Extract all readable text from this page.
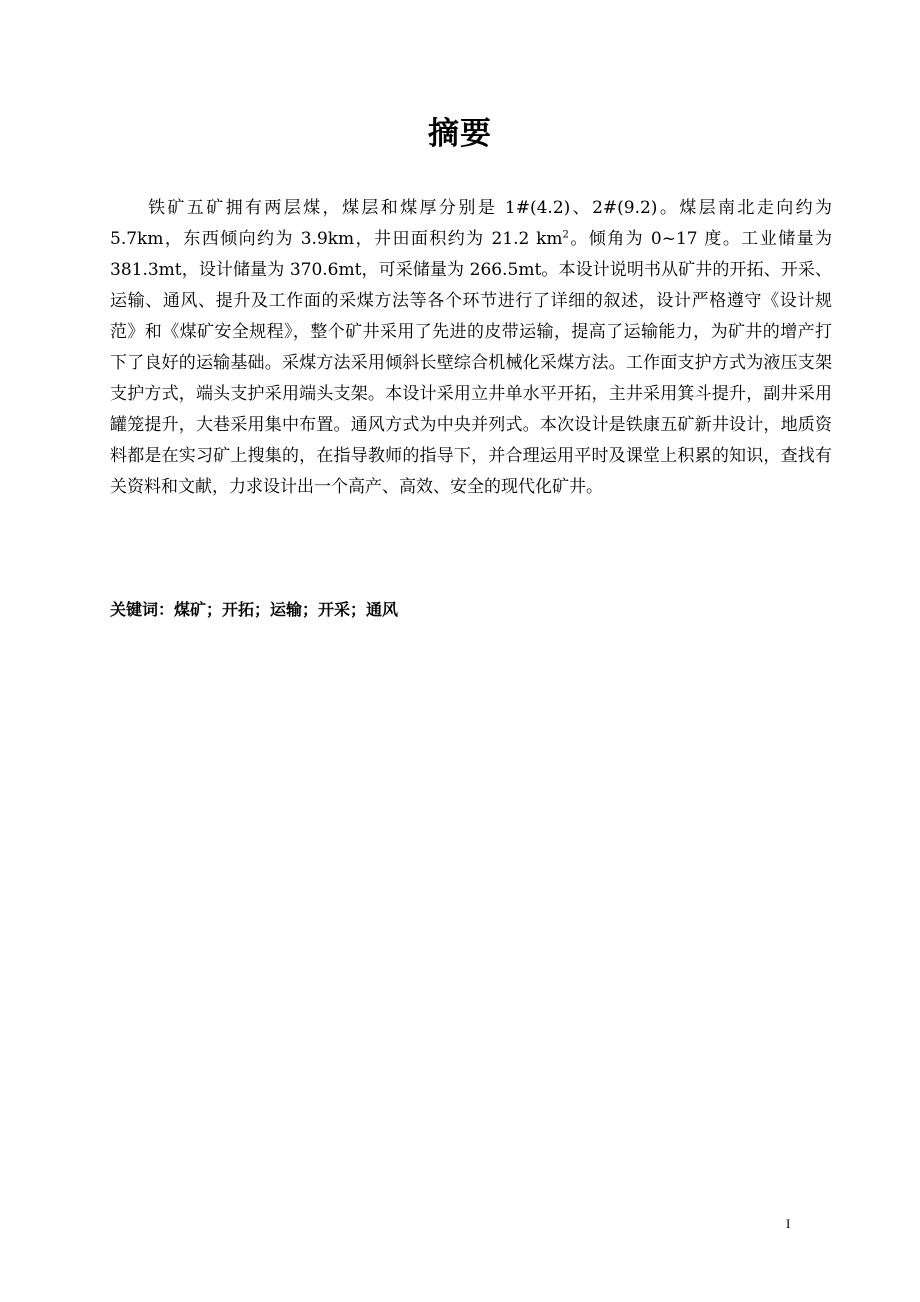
摘要

铁矿五矿拥有两层煤，煤层和煤厚分别是 1#(4.2)、2#(9.2)。煤层南北走向约为 5.7km，东西倾向约为 3.9km，井田面积约为 21.2 $km^2$。倾角为 0~17 度。工业储量为 381.3mt，设计储量为 370.6mt，可采储量为 266.5mt。本设计说明书从矿井的开拓、开采、运输、通风、提升及工作面的采煤方法等各个环节进行了详细的叙述，设计严格遵守《设计规范》和《煤矿安全规程》，整个矿井采用了先进的皮带运输，提高了运输能力，为矿井的增产打下了良好的运输基础。采煤方法采用倾斜长壁综合机械化采煤方法。工作面支护方式为液压支架支护方式，端头支护采用端头支架。本设计采用立井单水平开拓，主井采用箕斗提升，副井采用罐笼提升，大巷采用集中布置。通风方式为中央并列式。本次设计是铁康五矿新井设计，地质资料都是在实习矿上搜集的，在指导教师的指导下，并合理运用平时及课堂上积累的知识，查找有关资料和文献，力求设计出一个高产、高效、安全的现代化矿井。

关键词：煤矿；开拓；运输；开采；通风
I
